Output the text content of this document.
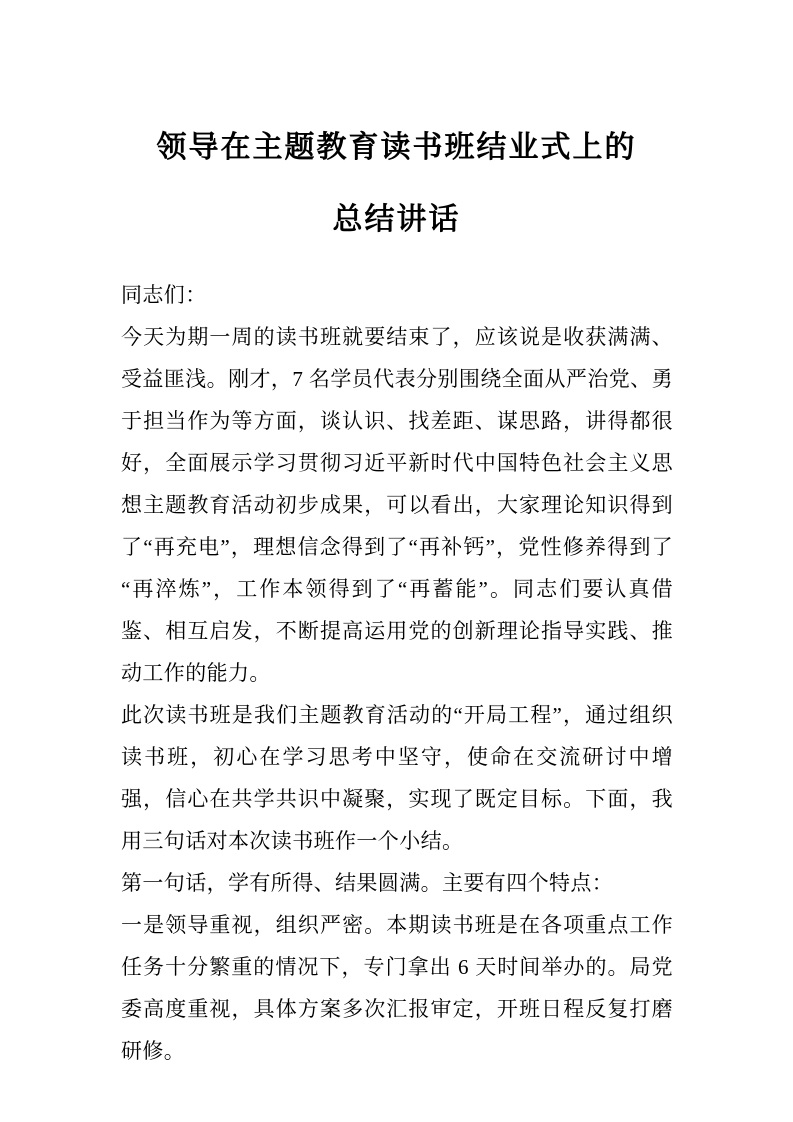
领导在主题教育读书班结业式上的
总结讲话

同志们：

今天为期一周的读书班就要结束了，应该说是收获满满、受益匪浅。刚才，7 名学员代表分别围绕全面从严治党、勇于担当作为等方面，谈认识、找差距、谋思路，讲得都很好，全面展示学习贯彻习近平新时代中国特色社会主义思想主题教育活动初步成果，可以看出，大家理论知识得到了“再充电”，理想信念得到了“再补钙”，党性修养得到了“再淬炼”，工作本领得到了“再蓄能”。同志们要认真借鉴、相互启发，不断提高运用党的创新理论指导实践、推动工作的能力。

此次读书班是我们主题教育活动的“开局工程”，通过组织读书班，初心在学习思考中坚守，使命在交流研讨中增强，信心在共学共识中凝聚，实现了既定目标。下面，我用三句话对本次读书班作一个小结。

第一句话，学有所得、结果圆满。主要有四个特点：

一是领导重视，组织严密。本期读书班是在各项重点工作任务十分繁重的情况下，专门拿出 6 天时间举办的。局党委高度重视，具体方案多次汇报审定，开班日程反复打磨研修。
